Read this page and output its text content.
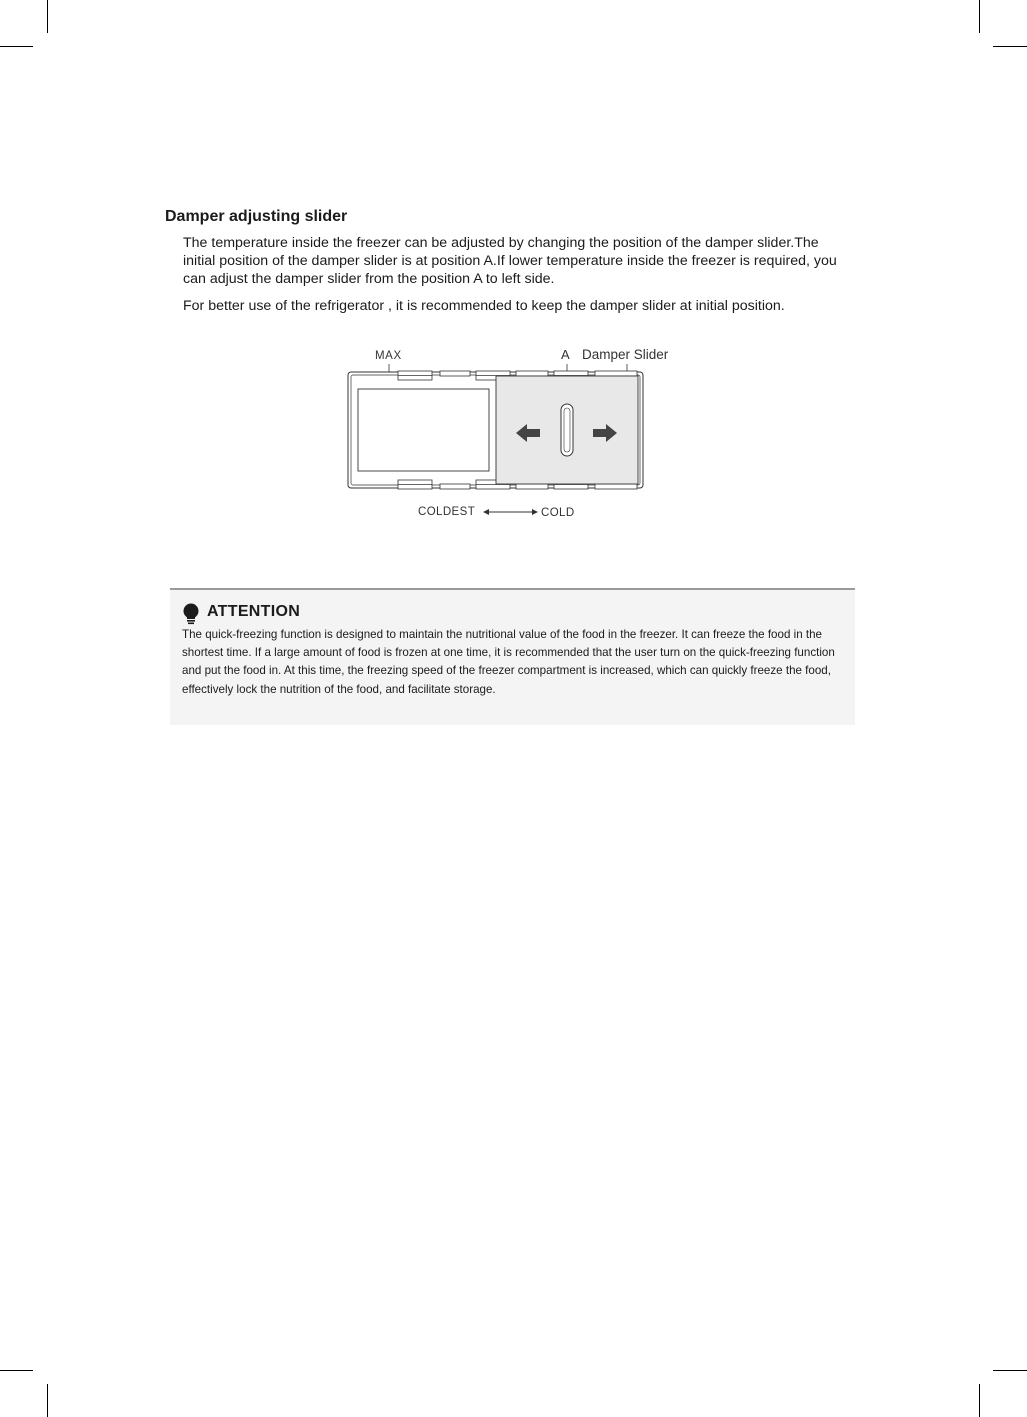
Damper adjusting slider

The temperature inside the freezer can be adjusted by changing the position of the damper slider.The initial position of the damper slider is at position A.If lower temperature inside the freezer is required, you can adjust the damper slider from the position A to left side.

For better use of the refrigerator , it is recommended to keep the damper slider at initial position.

MAX	A Damper Slider
COLDEST	COLD
ATTENTION

The quick-freezing function is designed to maintain the nutritional value of the food in the freezer. It can freeze the food in the shortest time. If a large amount of food is frozen at one time, it is recommended that the user turn on the quick-freezing function and put the food in. At this time, the freezing speed of the freezer compartment is increased, which can quickly freeze the food, effectively lock the nutrition of the food, and facilitate storage.
